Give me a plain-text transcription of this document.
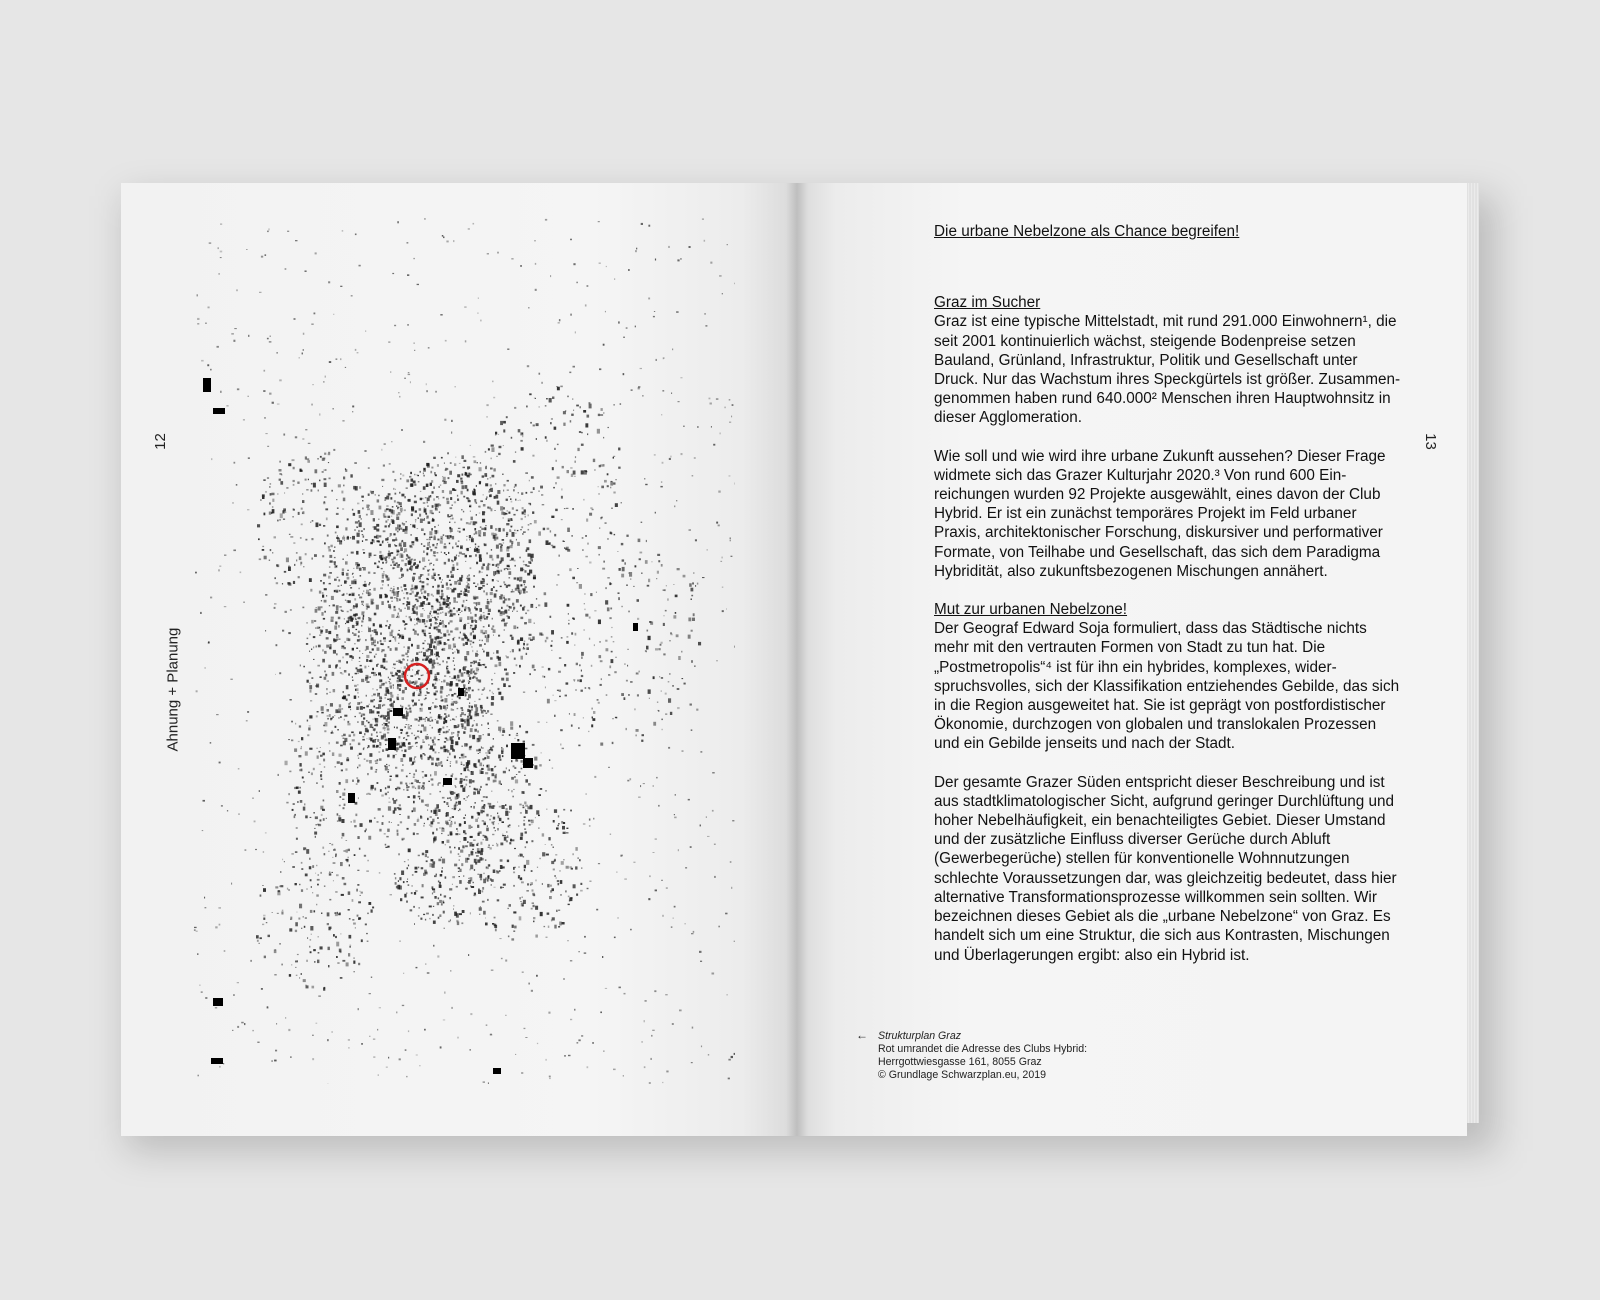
12
Ahnung + Planung
13
Die urbane Nebelzone als Chance begreifen!
Graz im Sucher

Graz ist eine typische Mittelstadt, mit rund 291.000 Einwohnern¹, die seit 2001 kontinuierlich wächst, steigende Bodenpreise setzen Bauland, Grünland, Infrastruktur, Politik und Gesellschaft unter Druck. Nur das Wachstum ihres Speckgürtels ist größer. Zusammengenommen haben rund 640.000² Menschen ihren Hauptwohnsitz in dieser Agglomeration.

Wie soll und wie wird ihre urbane Zukunft aussehen? Dieser Frage widmete sich das Grazer Kulturjahr 2020.³ Von rund 600 Einreichungen wurden 92 Projekte ausgewählt, eines davon der Club Hybrid. Er ist ein zunächst temporäres Projekt im Feld urbaner Praxis, architektonischer Forschung, diskursiver und performativer Formate, von Teilhabe und Gesellschaft, das sich dem Paradigma Hybridität, also zukunftsbezogenen Mischungen annähert.

Mut zur urbanen Nebelzone!

Der Geograf Edward Soja formuliert, dass das Städtische nichts mehr mit den vertrauten Formen von Stadt zu tun hat. Die „Postmetropolis“⁴ ist für ihn ein hybrides, komplexes, widerspruchsvolles, sich der Klassifikation entziehendes Gebilde, das sich in die Region ausgeweitet hat. Sie ist geprägt von postfordistischer Ökonomie, durchzogen von globalen und translokalen Prozessen und ein Gebilde jenseits und nach der Stadt.

Der gesamte Grazer Süden entspricht dieser Beschreibung und ist aus stadtklimatologischer Sicht, aufgrund geringer Durchlüftung und hoher Nebelhäufigkeit, ein benachteiligtes Gebiet. Dieser Umstand und der zusätzliche Einfluss diverser Gerüche durch Abluft (Gewerbegerüche) stellen für konventionelle Wohnnutzungen schlechte Voraussetzungen dar, was gleichzeitig bedeutet, dass hier alternative Transformationsprozesse willkommen sein sollten. Wir bezeichnen dieses Gebiet als die „urbane Nebelzone“ von Graz. Es handelt sich um eine Struktur, die sich aus Kontrasten, Mischungen und Überlagerungen ergibt: also ein Hybrid ist.

← Strukturplan Graz
Rot umrandet die Adresse des Clubs Hybrid:
Herrgottwiesgasse 161, 8055 Graz
© Grundlage Schwarzplan.eu, 2019
